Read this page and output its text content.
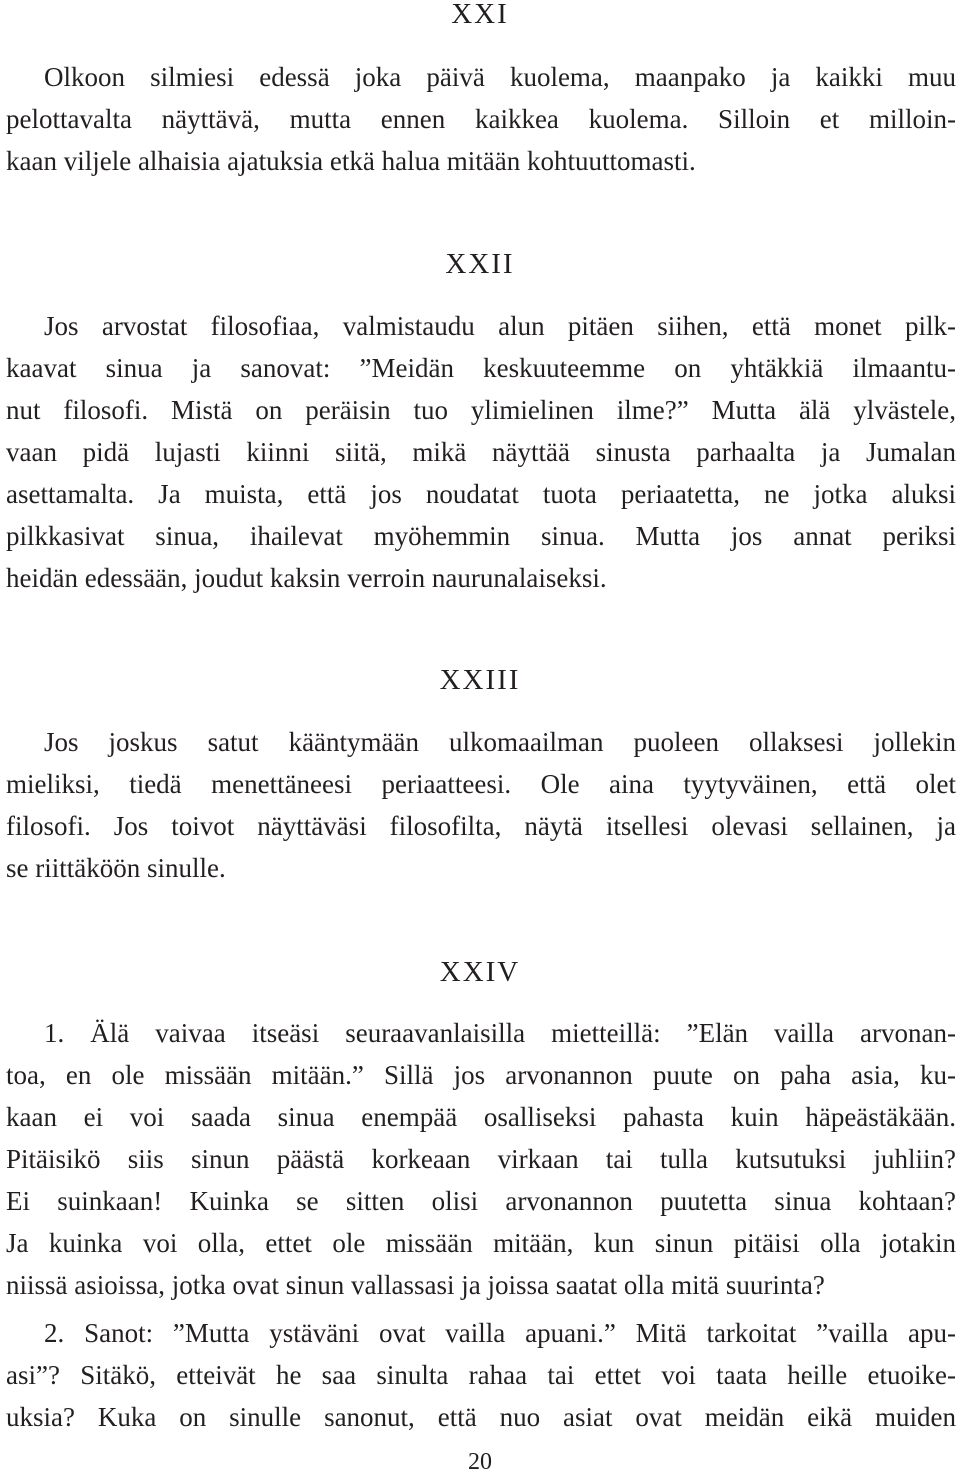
XXI
Olkoon silmiesi edessä joka päivä kuolema, maanpako ja kaikki muu
pelottavalta näyttävä, mutta ennen kaikkea kuolema. Silloin et milloin-
kaan viljele alhaisia ajatuksia etkä halua mitään kohtuuttomasti.
XXII
Jos arvostat filosofiaa, valmistaudu alun pitäen siihen, että monet pilk-
kaavat sinua ja sanovat: ”Meidän keskuuteemme on yhtäkkiä ilmaantu-
nut filosofi. Mistä on peräisin tuo ylimielinen ilme?” Mutta älä ylvästele,
vaan pidä lujasti kiinni siitä, mikä näyttää sinusta parhaalta ja Jumalan
asettamalta. Ja muista, että jos noudatat tuota periaatetta, ne jotka aluksi
pilkkasivat sinua, ihailevat myöhemmin sinua. Mutta jos annat periksi
heidän edessään, joudut kaksin verroin naurunalaiseksi.
XXIII
Jos joskus satut kääntymään ulkomaailman puoleen ollaksesi jollekin
mieliksi, tiedä menettäneesi periaatteesi. Ole aina tyytyväinen, että olet
filosofi. Jos toivot näyttäväsi filosofilta, näytä itsellesi olevasi sellainen, ja
se riittäköön sinulle.
XXIV
1. Älä vaivaa itseäsi seuraavanlaisilla mietteillä: ”Elän vailla arvonan-
toa, en ole missään mitään.” Sillä jos arvonannon puute on paha asia, ku-
kaan ei voi saada sinua enempää osalliseksi pahasta kuin häpeästäkään.
Pitäisikö siis sinun päästä korkeaan virkaan tai tulla kutsutuksi juhliin?
Ei suinkaan! Kuinka se sitten olisi arvonannon puutetta sinua kohtaan?
Ja kuinka voi olla, ettet ole missään mitään, kun sinun pitäisi olla jotakin
niissä asioissa, jotka ovat sinun vallassasi ja joissa saatat olla mitä suurinta?
2. Sanot: ”Mutta ystäväni ovat vailla apuani.” Mitä tarkoitat ”vailla apu-
asi”? Sitäkö, etteivät he saa sinulta rahaa tai ettet voi taata heille etuoike-
uksia? Kuka on sinulle sanonut, että nuo asiat ovat meidän eikä muiden
20
